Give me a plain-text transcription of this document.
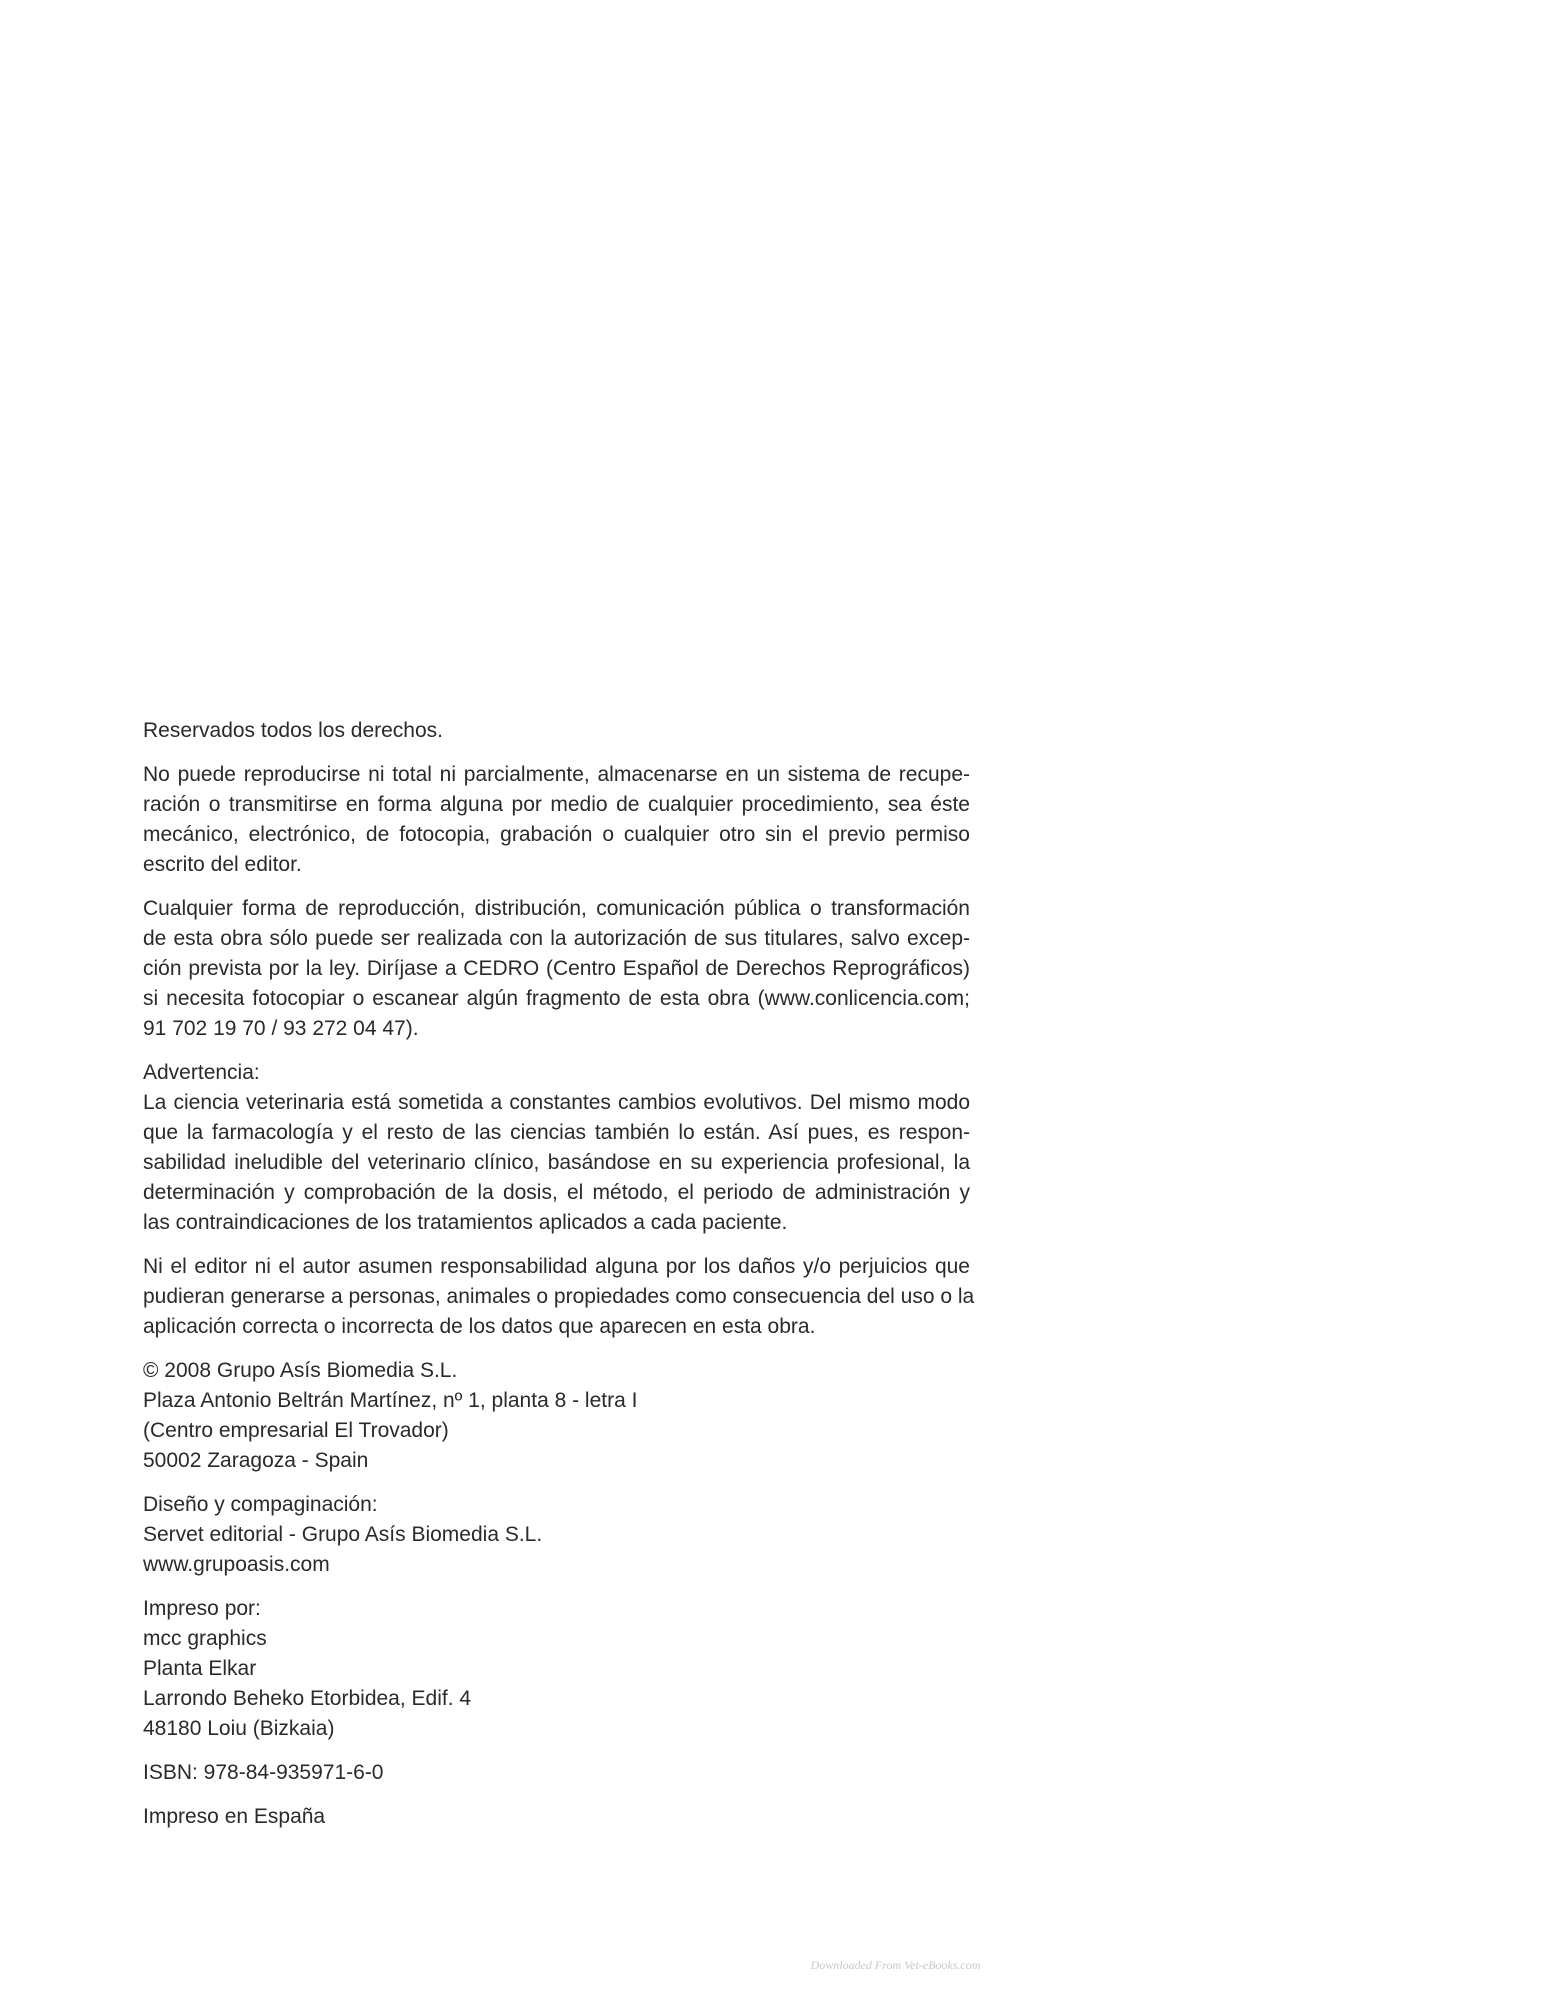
Reservados todos los derechos.

No puede reproducirse ni total ni parcialmente, almacenarse en un sistema de recupe-
ración o transmitirse en forma alguna por medio de cualquier procedimiento, sea éste
mecánico, electrónico, de fotocopia, grabación o cualquier otro sin el previo permiso
escrito del editor.

Cualquier forma de reproducción, distribución, comunicación pública o transformación
de esta obra sólo puede ser realizada con la autorización de sus titulares, salvo excep-
ción prevista por la ley. Diríjase a CEDRO (Centro Español de Derechos Reprográficos)
si necesita fotocopiar o escanear algún fragmento de esta obra (www.conlicencia.com;
91 702 19 70 / 93 272 04 47).

Advertencia:
La ciencia veterinaria está sometida a constantes cambios evolutivos. Del mismo modo
que la farmacología y el resto de las ciencias también lo están. Así pues, es respon-
sabilidad ineludible del veterinario clínico, basándose en su experiencia profesional, la
determinación y comprobación de la dosis, el método, el periodo de administración y
las contraindicaciones de los tratamientos aplicados a cada paciente.

Ni el editor ni el autor asumen responsabilidad alguna por los daños y/o perjuicios que
pudieran generarse a personas, animales o propiedades como consecuencia del uso o la
aplicación correcta o incorrecta de los datos que aparecen en esta obra.

© 2008 Grupo Asís Biomedia S.L.
Plaza Antonio Beltrán Martínez, nº 1, planta 8 - letra I
(Centro empresarial El Trovador)
50002 Zaragoza - Spain

Diseño y compaginación:
Servet editorial - Grupo Asís Biomedia S.L.
www.grupoasis.com

Impreso por:
mcc graphics
Planta Elkar
Larrondo Beheko Etorbidea, Edif. 4
48180 Loiu (Bizkaia)

ISBN: 978-84-935971-6-0

Impreso en España

Downloaded From Vet-eBooks.com
